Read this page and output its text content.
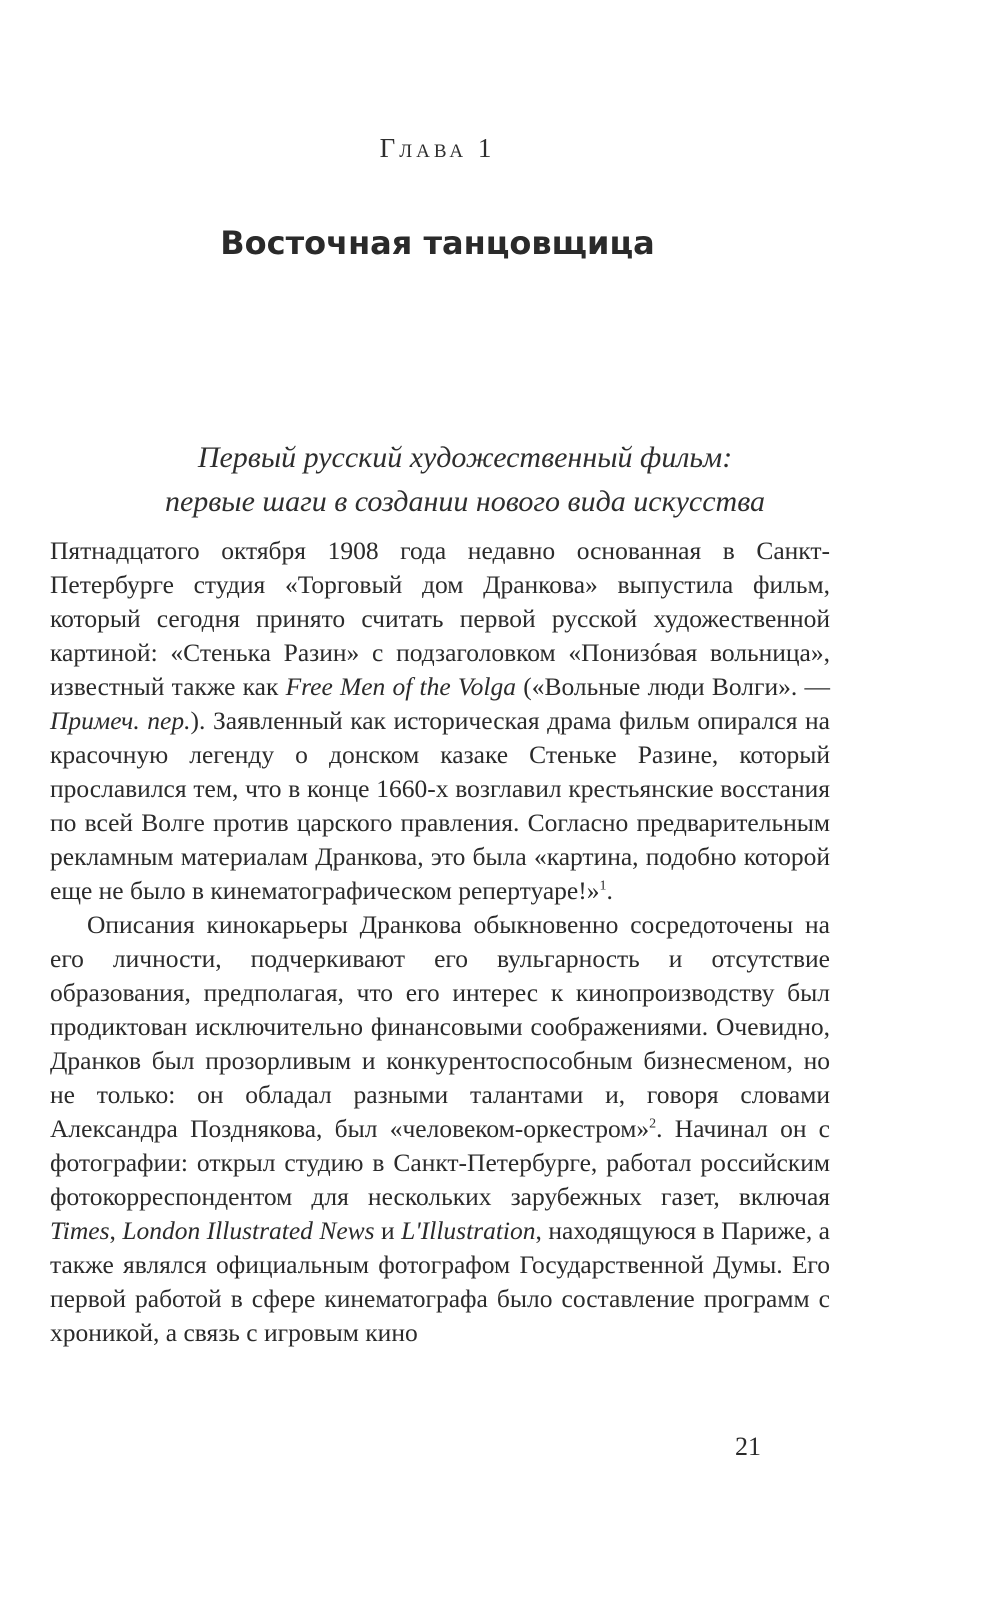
Глава 1
Восточная танцовщица
Первый русский художественный фильм:
первые шаги в создании нового вида искусства

Пятнадцатого октября 1908 года недавно основанная в Санкт-Петербурге студия «Торговый дом Дранкова» выпустила фильм, который сегодня принято считать первой русской художественной картиной: «Стенька Разин» с подзаголовком «Понизóвая вольница», известный также как Free Men of the Volga («Вольные люди Волги». — Примеч. пер.). Заявленный как историческая драма фильм опирался на красочную легенду о донском казаке Стеньке Разине, который прославился тем, что в конце 1660-х возглавил крестьянские восстания по всей Волге против царского правления. Согласно предварительным рекламным материалам Дранкова, это была «картина, подобно которой еще не было в кинематографическом репертуаре!»$^1$.

Описания кинокарьеры Дранкова обыкновенно сосредоточены на его личности, подчеркивают его вульгарность и отсутствие образования, предполагая, что его интерес к кинопроизводству был продиктован исключительно финансовыми соображениями. Очевидно, Дранков был прозорливым и конкурентоспособным бизнесменом, но не только: он обладал разными талантами и, говоря словами Александра Позднякова, был «человеком-оркестром»$^2$. Начинал он с фотографии: открыл студию в Санкт-Петербурге, работал российским фотокорреспондентом для нескольких зарубежных газет, включая Times, London Illustrated News и L'Illustration, находящуюся в Париже, а также являлся официальным фотографом Государственной Думы. Его первой работой в сфере кинематографа было составление программ с хроникой, а связь с игровым кино

21
